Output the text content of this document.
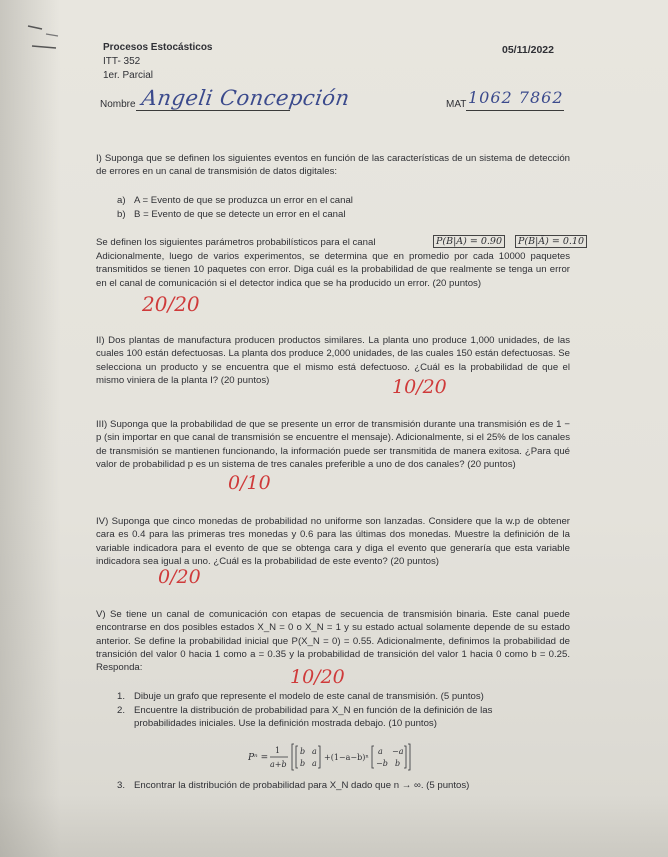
Procesos Estocásticos
ITT- 352
1er. Parcial
05/11/2022
Nombre Angeli Concepción	MAT 1062 7862
I) Suponga que se definen los siguientes eventos en función de las características de un sistema de detección de errores en un canal de transmisión de datos digitales:
a) A = Evento de que se produzca un error en el canal
b) B = Evento de que se detecte un error en el canal
Se definen los siguientes parámetros probabilísticos para el canal	P(B|A) = 0.90	P(B|Ā) = 0.10
Adicionalmente, luego de varios experimentos, se determina que en promedio por cada 10000 paquetes transmitidos se tienen 10 paquetes con error. Diga cuál es la probabilidad de que realmente se tenga un error en el canal de comunicación si el detector indica que se ha producido un error. (20 puntos)
20/20
II) Dos plantas de manufactura producen productos similares. La planta uno produce 1,000 unidades, de las cuales 100 están defectuosas. La planta dos produce 2,000 unidades, de las cuales 150 están defectuosas. Se selecciona un producto y se encuentra que el mismo está defectuoso. ¿Cuál es la probabilidad de que el mismo viniera de la planta I? (20 puntos)	10/20
III) Suponga que la probabilidad de que se presente un error de transmisión durante una transmisión es de 1 − p (sin importar en que canal de transmisión se encuentre el mensaje). Adicionalmente, si el 25% de los canales de transmisión se mantienen funcionando, la información puede ser transmitida de manera exitosa. ¿Para qué valor de probabilidad p es un sistema de tres canales preferible a uno de dos canales? (20 puntos)
0/10
IV) Suponga que cinco monedas de probabilidad no uniforme son lanzadas. Considere que la w.p de obtener cara es 0.4 para las primeras tres monedas y 0.6 para las últimas dos monedas. Muestre la definición de la variable indicadora para el evento de que se obtenga cara y diga el evento que generaría que esta variable indicadora sea igual a uno. ¿Cuál es la probabilidad de este evento? (20 puntos)
0/20
V) Se tiene un canal de comunicación con etapas de secuencia de transmisión binaria. Este canal puede encontrarse en dos posibles estados X_N = 0 o X_N = 1 y su estado actual solamente depende de su estado anterior. Se define la probabilidad inicial que P(X_N = 0) = 0.55. Adicionalmente, definimos la probabilidad de transición del valor 0 hacia 1 como a = 0.35 y la probabilidad de transición del valor 1 hacia 0 como b = 0.25. Responda:	10/20
1. Dibuje un grafo que represente el modelo de este canal de transmisión. (5 puntos)
2. Encuentre la distribución de probabilidad para X_N en función de la definición de las probabilidades iniciales. Use la definición mostrada debajo. (10 puntos)
Pⁿ =
1
a+b
b a
b a
+(1−a−b)ⁿ
a −a
−b b
3. Encontrar la distribución de probabilidad para X_N dado que n → ∞. (5 puntos)
